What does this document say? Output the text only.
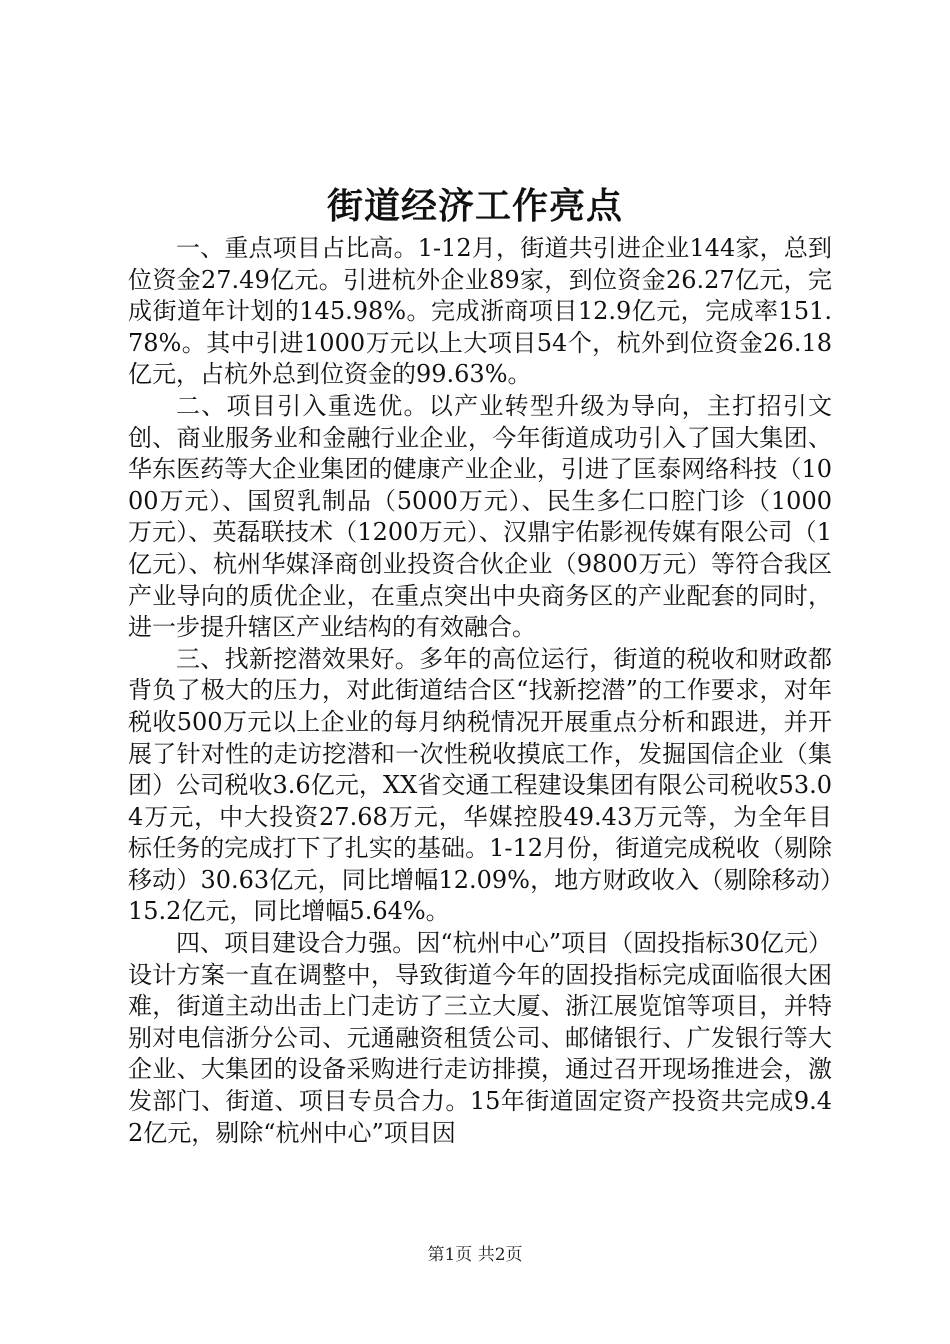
街道经济工作亮点

一、重点项目占比高。1-12月，街道共引进企业144家，总到位资金27.49亿元。引进杭外企业89家，到位资金26.27亿元，完成街道年计划的145.98%。完成浙商项目12.9亿元，完成率151.78%。其中引进1000万元以上大项目54个，杭外到位资金26.18亿元，占杭外总到位资金的99.63%。

二、项目引入重选优。以产业转型升级为导向，主打招引文创、商业服务业和金融行业企业，今年街道成功引入了国大集团、华东医药等大企业集团的健康产业企业，引进了匡泰网络科技（1000万元）、国贸乳制品（5000万元）、民生多仁口腔门诊（1000万元）、英磊联技术（1200万元）、汉鼎宇佑影视传媒有限公司（1亿元）、杭州华媒泽商创业投资合伙企业（9800万元）等符合我区产业导向的质优企业，在重点突出中央商务区的产业配套的同时，进一步提升辖区产业结构的有效融合。

三、找新挖潜效果好。多年的高位运行，街道的税收和财政都背负了极大的压力，对此街道结合区“找新挖潜”的工作要求，对年税收500万元以上企业的每月纳税情况开展重点分析和跟进，并开展了针对性的走访挖潜和一次性税收摸底工作，发掘国信企业（集团）公司税收3.6亿元，XX省交通工程建设集团有限公司税收53.04万元，中大投资27.68万元，华媒控股49.43万元等，为全年目标任务的完成打下了扎实的基础。1-12月份，街道完成税收（剔除移动）30.63亿元，同比增幅12.09%，地方财政收入（剔除移动）15.2亿元，同比增幅5.64%。

四、项目建设合力强。因“杭州中心”项目（固投指标30亿元）设计方案一直在调整中，导致街道今年的固投指标完成面临很大困难，街道主动出击上门走访了三立大厦、浙江展览馆等项目，并特别对电信浙分公司、元通融资租赁公司、邮储银行、广发银行等大企业、大集团的设备采购进行走访排摸，通过召开现场推进会，激发部门、街道、项目专员合力。15年街道固定资产投资共完成9.42亿元，剔除“杭州中心”项目因

第1页 共2页
